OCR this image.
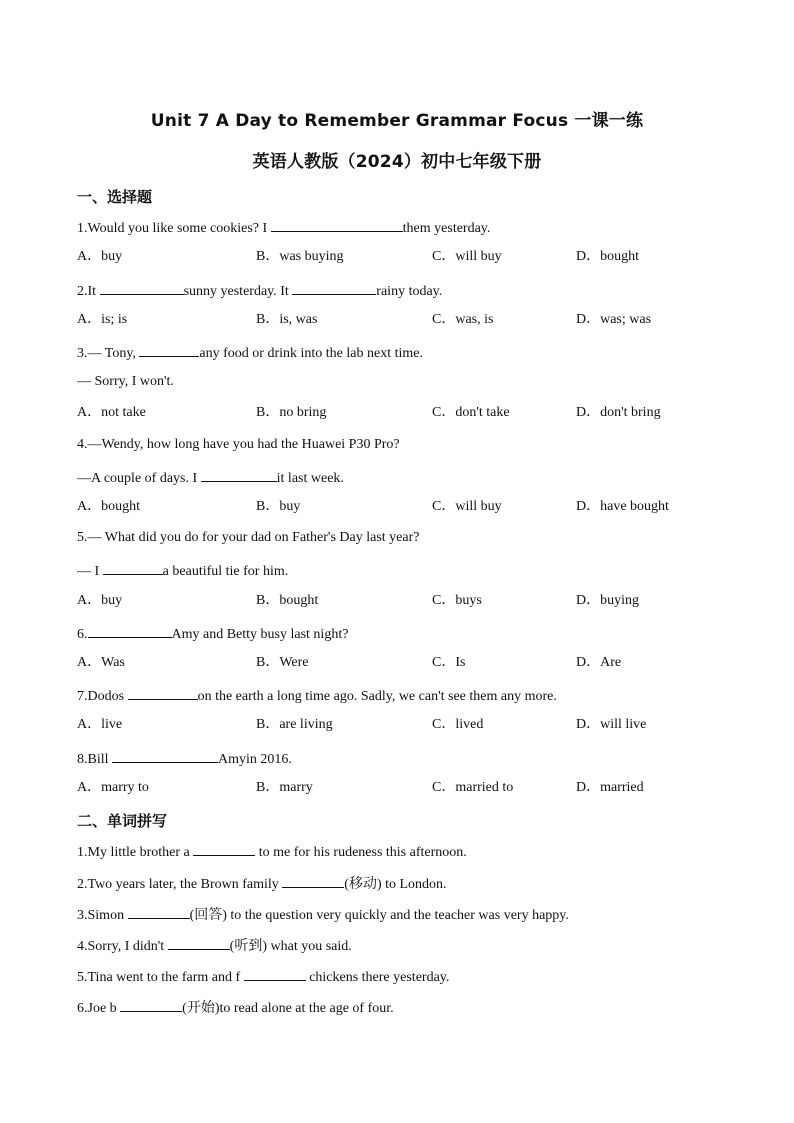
Unit 7 A Day to Remember Grammar Focus 一课一练
英语人教版（2024）初中七年级下册
一、选择题
1.Would you like some cookies? I	them yesterday.
A．buy	B．was buying	C．will buy	D．bought
2.It	sunny yesterday. It	rainy today.
A．is; is	B．is, was	C．was, is	D．was; was
3.— Tony,	any food or drink into the lab next time.
— Sorry, I won't.
A．not take	B．no bring	C．don't take	D．don't bring
4.—Wendy, how long have you had the Huawei P30 Pro?
—A couple of days. I	it last week.
A．bought	B．buy	C．will buy	D．have bought
5.— What did you do for your dad on Father's Day last year?
— I	a beautiful tie for him.
A．buy	B．bought	C．buys	D．buying
6.	Amy and Betty busy last night?
A．Was	B．Were	C．Is	D．Are
7.Dodos	on the earth a long time ago. Sadly, we can't see them any more.
A．live	B．are living	C．lived	D．will live
8.Bill	Amyin 2016.
A．marry to	B．marry	C．married to	D．married
二、单词拼写
1.My little brother a	to me for his rudeness this afternoon.
2.Two years later, the Brown family	(移动) to London.
3.Simon	(回答) to the question very quickly and the teacher was very happy.
4.Sorry, I didn't	(听到) what you said.
5.Tina went to the farm and f	chickens there yesterday.
6.Joe b	(开始)to read alone at the age of four.
